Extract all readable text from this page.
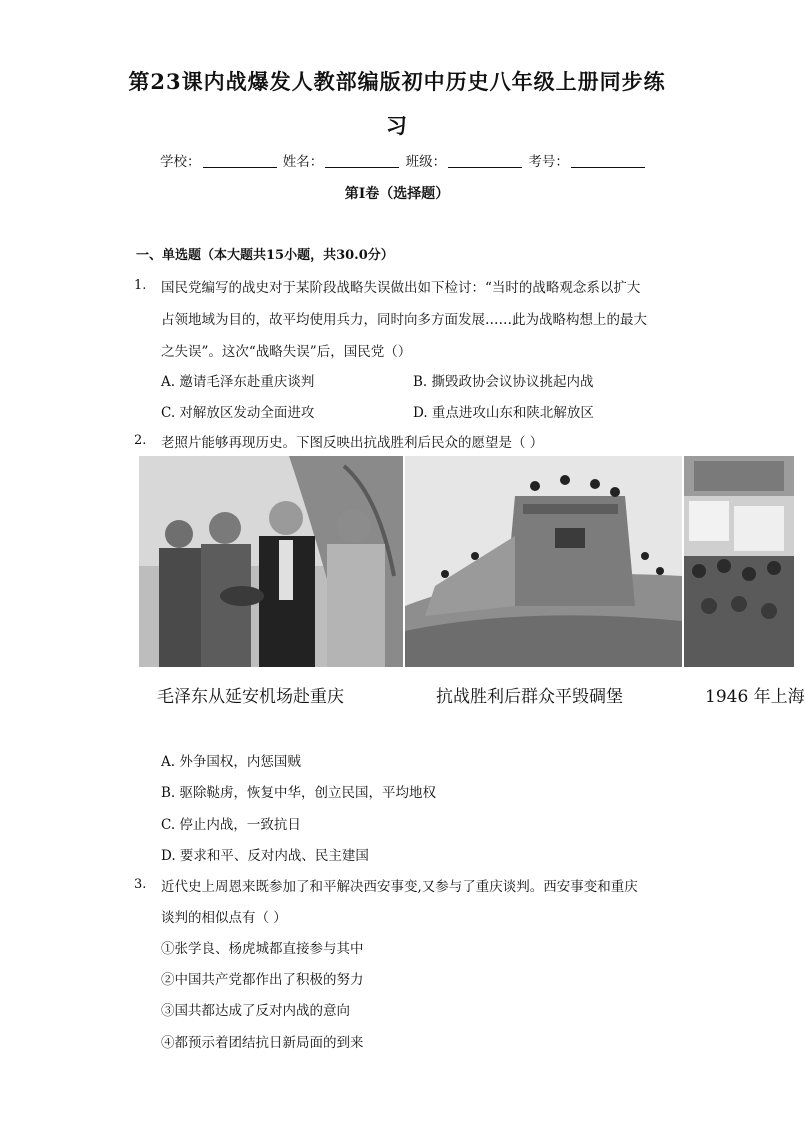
第23课内战爆发人教部编版初中历史八年级上册同步练
习
学校：	姓名：	班级：	考号：
第I卷（选择题）
一、单选题（本大题共15小题，共30.0分）
1. 国民党编写的战史对于某阶段战略失误做出如下检讨：“当时的战略观念系以扩大
占领地域为目的，故平均使用兵力，同时向多方面发展……此为战略构想上的最大
之失误”。这次“战略失误”后，国民党（）
A. 邀请毛泽东赴重庆谈判	B. 撕毁政协会议协议挑起内战
C. 对解放区发动全面进攻	D. 重点进攻山东和陕北解放区
2. 老照片能够再现历史。下图反映出抗战胜利后民众的愿望是（ ）
毛泽东从延安机场赴重庆	抗战胜利后群众平毁碉堡	1946 年上海
A. 外争国权，内惩国贼
B. 驱除鞑虏，恢复中华，创立民国，平均地权
C. 停止内战，一致抗日
D. 要求和平、反对内战、民主建国
3. 近代史上周恩来既参加了和平解决西安事变,又参与了重庆谈判。西安事变和重庆
谈判的相似点有（ ）
①张学良、杨虎城都直接参与其中
②中国共产党都作出了积极的努力
③国共都达成了反对内战的意向
④都预示着团结抗日新局面的到来
